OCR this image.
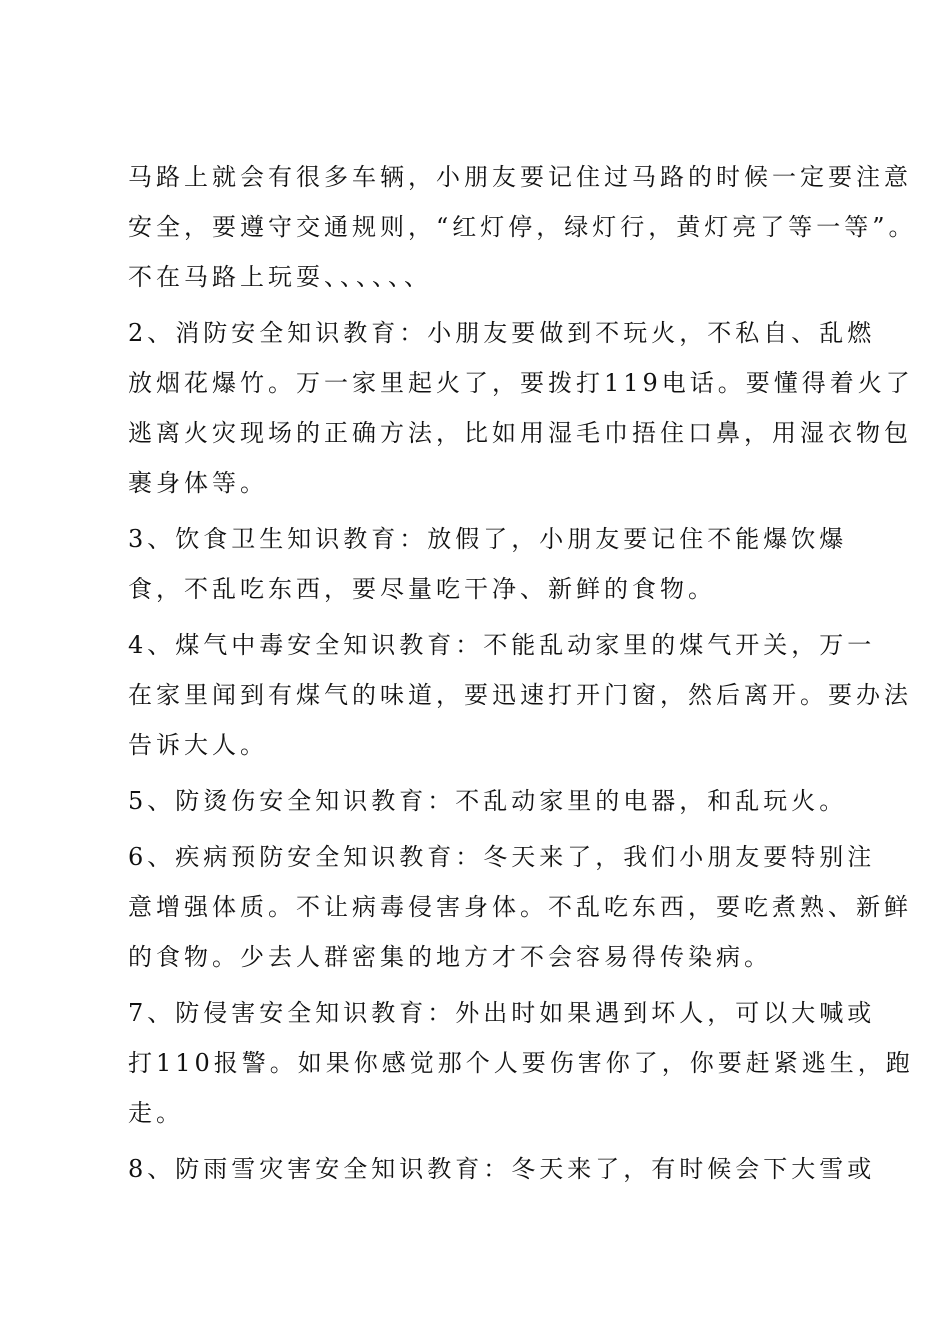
马路上就会有很多车辆，小朋友要记住过马路的时候一定要注意
安全，要遵守交通规则，“红灯停，绿灯行，黄灯亮了等一等”。
不在马路上玩耍、、、、、、
2、消防安全知识教育：小朋友要做到不玩火，不私自、乱燃
放烟花爆竹。万一家里起火了，要拨打119电话。要懂得着火了
逃离火灾现场的正确方法，比如用湿毛巾捂住口鼻，用湿衣物包
裹身体等。
3、饮食卫生知识教育：放假了，小朋友要记住不能爆饮爆
食，不乱吃东西，要尽量吃干净、新鲜的食物。
4、煤气中毒安全知识教育：不能乱动家里的煤气开关，万一
在家里闻到有煤气的味道，要迅速打开门窗，然后离开。要办法
告诉大人。
5、防烫伤安全知识教育：不乱动家里的电器，和乱玩火。
6、疾病预防安全知识教育：冬天来了，我们小朋友要特别注
意增强体质。不让病毒侵害身体。不乱吃东西，要吃煮熟、新鲜
的食物。少去人群密集的地方才不会容易得传染病。
7、防侵害安全知识教育：外出时如果遇到坏人，可以大喊或
打110报警。如果你感觉那个人要伤害你了，你要赶紧逃生，跑
走。
8、防雨雪灾害安全知识教育：冬天来了，有时候会下大雪或
